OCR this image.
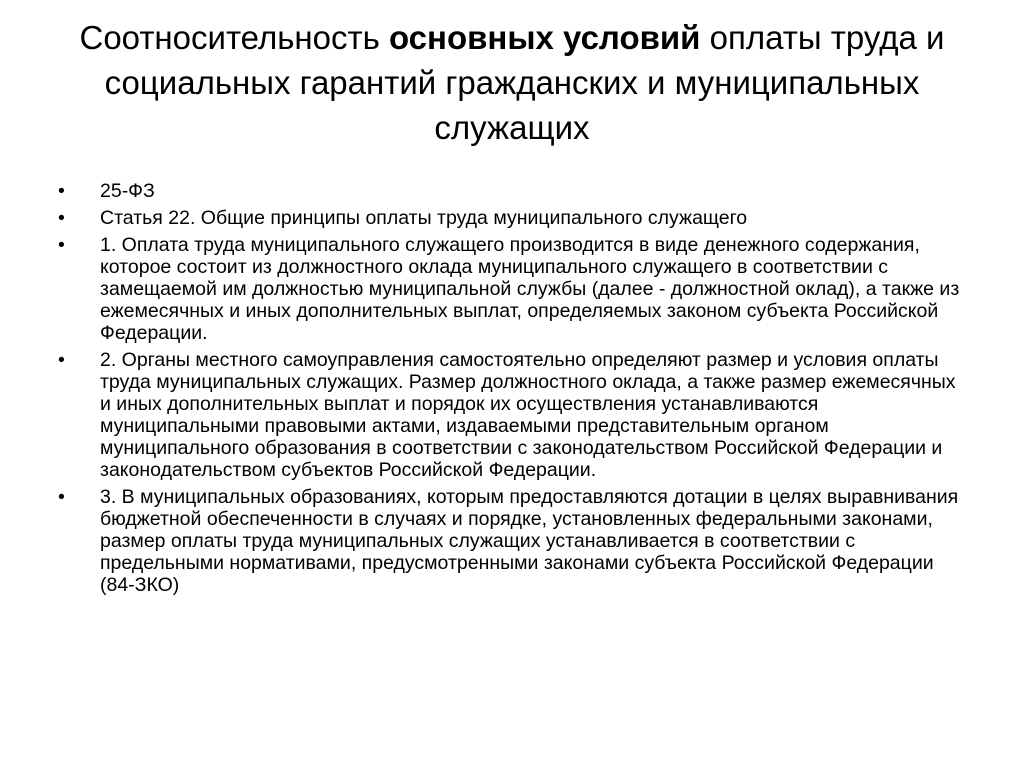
Соотносительность основных условий оплаты труда и социальных гарантий гражданских и муниципальных служащих
•	25-ФЗ
•	Статья 22. Общие принципы оплаты труда муниципального служащего
•	1. Оплата труда муниципального служащего производится в виде денежного содержания, которое состоит из должностного оклада муниципального служащего в соответствии с замещаемой им должностью муниципальной службы (далее - должностной оклад), а также из ежемесячных и иных дополнительных выплат, определяемых законом субъекта Российской Федерации.
•	2. Органы местного самоуправления самостоятельно определяют размер и условия оплаты труда муниципальных служащих. Размер должностного оклада, а также размер ежемесячных и иных дополнительных выплат и порядок их осуществления устанавливаются муниципальными правовыми актами, издаваемыми представительным органом муниципального образования в соответствии с законодательством Российской Федерации и законодательством субъектов Российской Федерации.
•	3. В муниципальных образованиях, которым предоставляются дотации в целях выравнивания бюджетной обеспеченности в случаях и порядке, установленных федеральными законами, размер оплаты труда муниципальных служащих устанавливается в соответствии с предельными нормативами, предусмотренными законами субъекта Российской Федерации (84-ЗКО)
